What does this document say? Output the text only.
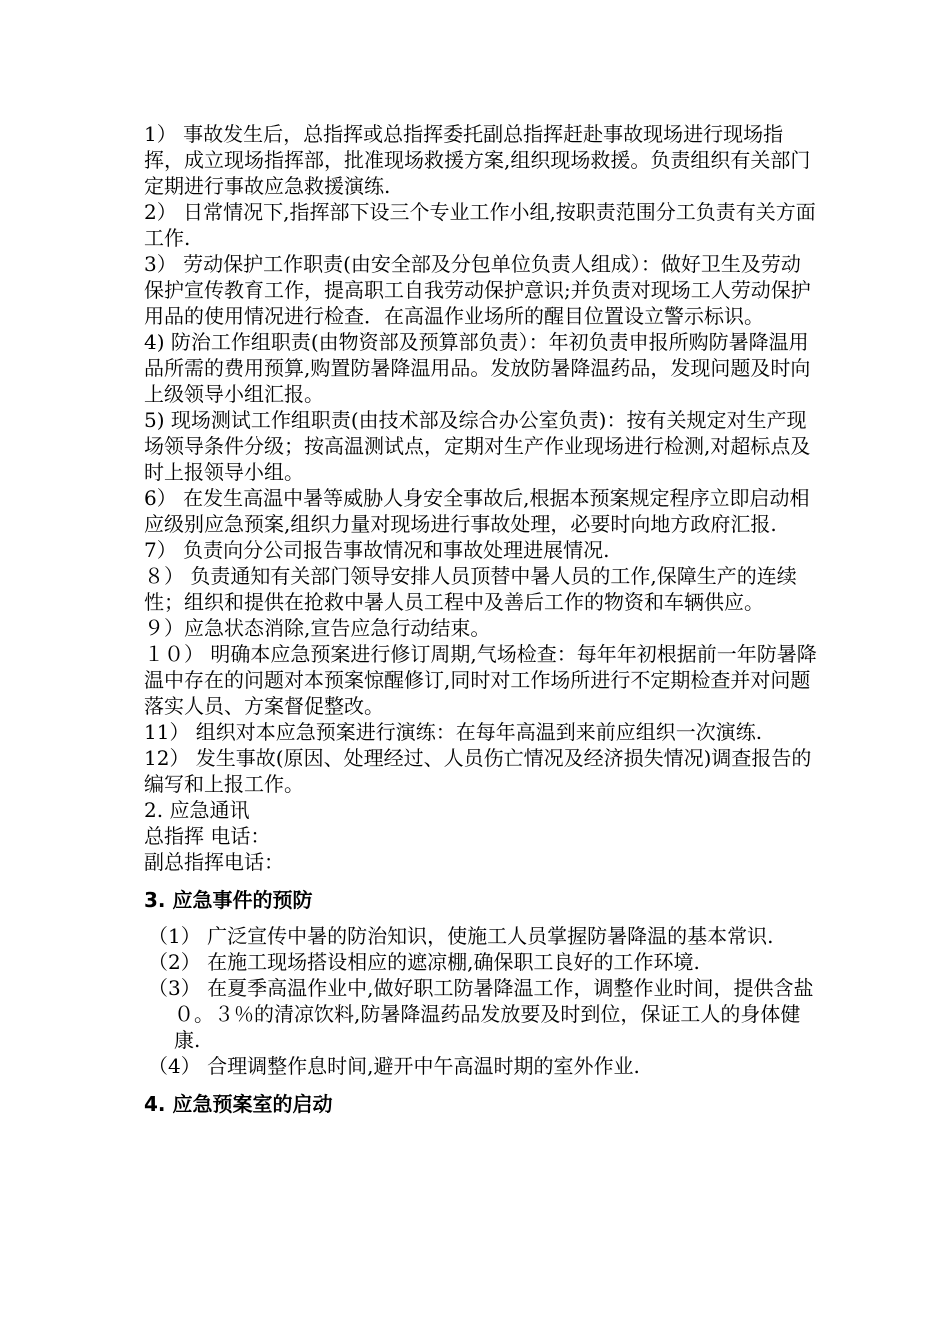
1） 事故发生后，总指挥或总指挥委托副总指挥赶赴事故现场进行现场指挥，成立现场指挥部，批准现场救援方案,组织现场救援。负责组织有关部门定期进行事故应急救援演练.

2） 日常情况下,指挥部下设三个专业工作小组,按职责范围分工负责有关方面工作.

3） 劳动保护工作职责(由安全部及分包单位负责人组成）：做好卫生及劳动保护宣传教育工作，提高职工自我劳动保护意识;并负责对现场工人劳动保护用品的使用情况进行检查．在高温作业场所的醒目位置设立警示标识。

4) 防治工作组职责(由物资部及预算部负责）：年初负责申报所购防暑降温用品所需的费用预算,购置防暑降温用品。发放防暑降温药品，发现问题及时向上级领导小组汇报。

5) 现场测试工作组职责(由技术部及综合办公室负责)：按有关规定对生产现场领导条件分级；按高温测试点，定期对生产作业现场进行检测,对超标点及时上报领导小组。

6） 在发生高温中暑等威胁人身安全事故后,根据本预案规定程序立即启动相应级别应急预案,组织力量对现场进行事故处理，必要时向地方政府汇报.

7） 负责向分公司报告事故情况和事故处理进展情况.

８） 负责通知有关部门领导安排人员顶替中暑人员的工作,保障生产的连续性；组织和提供在抢救中暑人员工程中及善后工作的物资和车辆供应。

９）应急状态消除,宣告应急行动结束。

１０） 明确本应急预案进行修订周期,气场检查：每年年初根据前一年防暑降温中存在的问题对本预案惊醒修订,同时对工作场所进行不定期检查并对问题落实人员、方案督促整改。

11） 组织对本应急预案进行演练：在每年高温到来前应组织一次演练.

12） 发生事故(原因、处理经过、人员伤亡情况及经济损失情况)调查报告的编写和上报工作。

2. 应急通讯

总指挥 电话：

副总指挥电话：

3. 应急事件的预防

（1） 广泛宣传中暑的防治知识，使施工人员掌握防暑降温的基本常识.

（2） 在施工现场搭设相应的遮凉棚,确保职工良好的工作环境.

（3） 在夏季高温作业中,做好职工防暑降温工作，调整作业时间，提供含盐０。３％的清凉饮料,防暑降温药品发放要及时到位，保证工人的身体健康.

（4） 合理调整作息时间,避开中午高温时期的室外作业.

4. 应急预案室的启动
